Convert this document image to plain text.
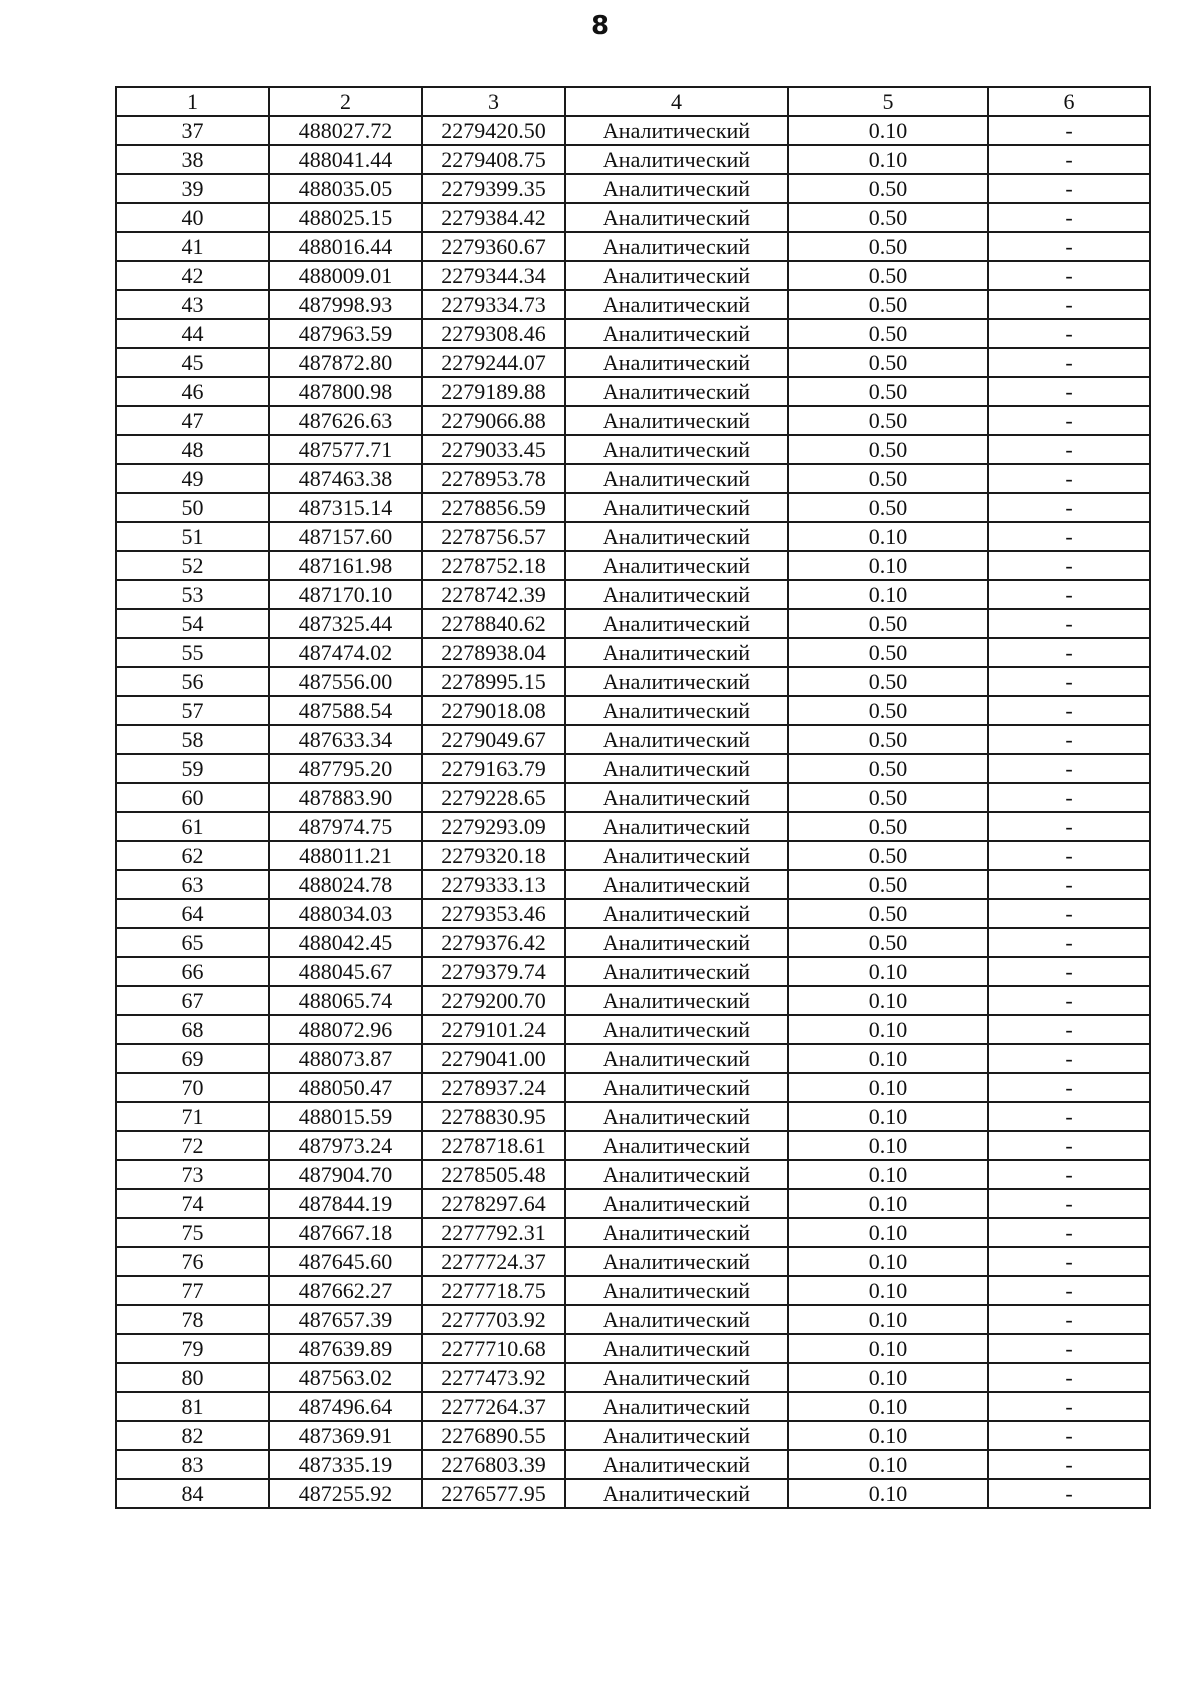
8
1	2	3	4	5	6
37	488027.72	2279420.50	Аналитический	0.10	-
38	488041.44	2279408.75	Аналитический	0.10	-
39	488035.05	2279399.35	Аналитический	0.50	-
40	488025.15	2279384.42	Аналитический	0.50	-
41	488016.44	2279360.67	Аналитический	0.50	-
42	488009.01	2279344.34	Аналитический	0.50	-
43	487998.93	2279334.73	Аналитический	0.50	-
44	487963.59	2279308.46	Аналитический	0.50	-
45	487872.80	2279244.07	Аналитический	0.50	-
46	487800.98	2279189.88	Аналитический	0.50	-
47	487626.63	2279066.88	Аналитический	0.50	-
48	487577.71	2279033.45	Аналитический	0.50	-
49	487463.38	2278953.78	Аналитический	0.50	-
50	487315.14	2278856.59	Аналитический	0.50	-
51	487157.60	2278756.57	Аналитический	0.10	-
52	487161.98	2278752.18	Аналитический	0.10	-
53	487170.10	2278742.39	Аналитический	0.10	-
54	487325.44	2278840.62	Аналитический	0.50	-
55	487474.02	2278938.04	Аналитический	0.50	-
56	487556.00	2278995.15	Аналитический	0.50	-
57	487588.54	2279018.08	Аналитический	0.50	-
58	487633.34	2279049.67	Аналитический	0.50	-
59	487795.20	2279163.79	Аналитический	0.50	-
60	487883.90	2279228.65	Аналитический	0.50	-
61	487974.75	2279293.09	Аналитический	0.50	-
62	488011.21	2279320.18	Аналитический	0.50	-
63	488024.78	2279333.13	Аналитический	0.50	-
64	488034.03	2279353.46	Аналитический	0.50	-
65	488042.45	2279376.42	Аналитический	0.50	-
66	488045.67	2279379.74	Аналитический	0.10	-
67	488065.74	2279200.70	Аналитический	0.10	-
68	488072.96	2279101.24	Аналитический	0.10	-
69	488073.87	2279041.00	Аналитический	0.10	-
70	488050.47	2278937.24	Аналитический	0.10	-
71	488015.59	2278830.95	Аналитический	0.10	-
72	487973.24	2278718.61	Аналитический	0.10	-
73	487904.70	2278505.48	Аналитический	0.10	-
74	487844.19	2278297.64	Аналитический	0.10	-
75	487667.18	2277792.31	Аналитический	0.10	-
76	487645.60	2277724.37	Аналитический	0.10	-
77	487662.27	2277718.75	Аналитический	0.10	-
78	487657.39	2277703.92	Аналитический	0.10	-
79	487639.89	2277710.68	Аналитический	0.10	-
80	487563.02	2277473.92	Аналитический	0.10	-
81	487496.64	2277264.37	Аналитический	0.10	-
82	487369.91	2276890.55	Аналитический	0.10	-
83	487335.19	2276803.39	Аналитический	0.10	-
84	487255.92	2276577.95	Аналитический	0.10	-
